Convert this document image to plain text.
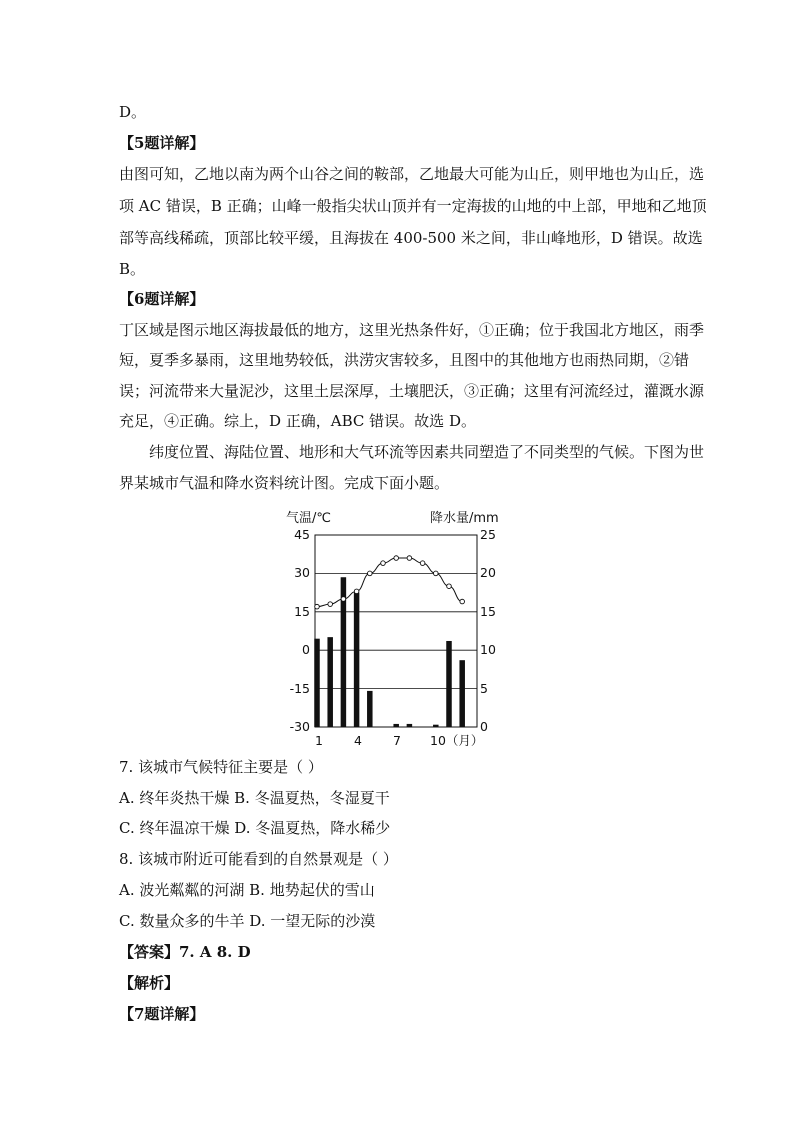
D。
【5题详解】
由图可知，乙地以南为两个山谷之间的鞍部，乙地最大可能为山丘，则甲地也为山丘，选
项 AC 错误，B 正确；山峰一般指尖状山顶并有一定海拔的山地的中上部，甲地和乙地顶
部等高线稀疏，顶部比较平缓，且海拔在 400-500 米之间，非山峰地形，D 错误。故选
B。
【6题详解】
丁区域是图示地区海拔最低的地方，这里光热条件好，①正确；位于我国北方地区，雨季
短，夏季多暴雨，这里地势较低，洪涝灾害较多，且图中的其他地方也雨热同期，②错
误；河流带来大量泥沙，这里土层深厚，土壤肥沃，③正确；这里有河流经过，灌溉水源
充足，④正确。综上，D 正确，ABC 错误。故选 D。
纬度位置、海陆位置、地形和大气环流等因素共同塑造了不同类型的气候。下图为世
界某城市气温和降水资料统计图。完成下面小题。
气温/℃	降水量/mm
45
30
15
0
-15
-30
25
20
15
10
5
0
1 4 7 10（月）
7. 该城市气候特征主要是（ ）
A. 终年炎热干燥 B. 冬温夏热，冬湿夏干
C. 终年温凉干燥 D. 冬温夏热，降水稀少
8. 该城市附近可能看到的自然景观是（ ）
A. 波光粼粼的河湖 B. 地势起伏的雪山
C. 数量众多的牛羊 D. 一望无际的沙漠
【答案】7. A 8. D
【解析】
【7题详解】
